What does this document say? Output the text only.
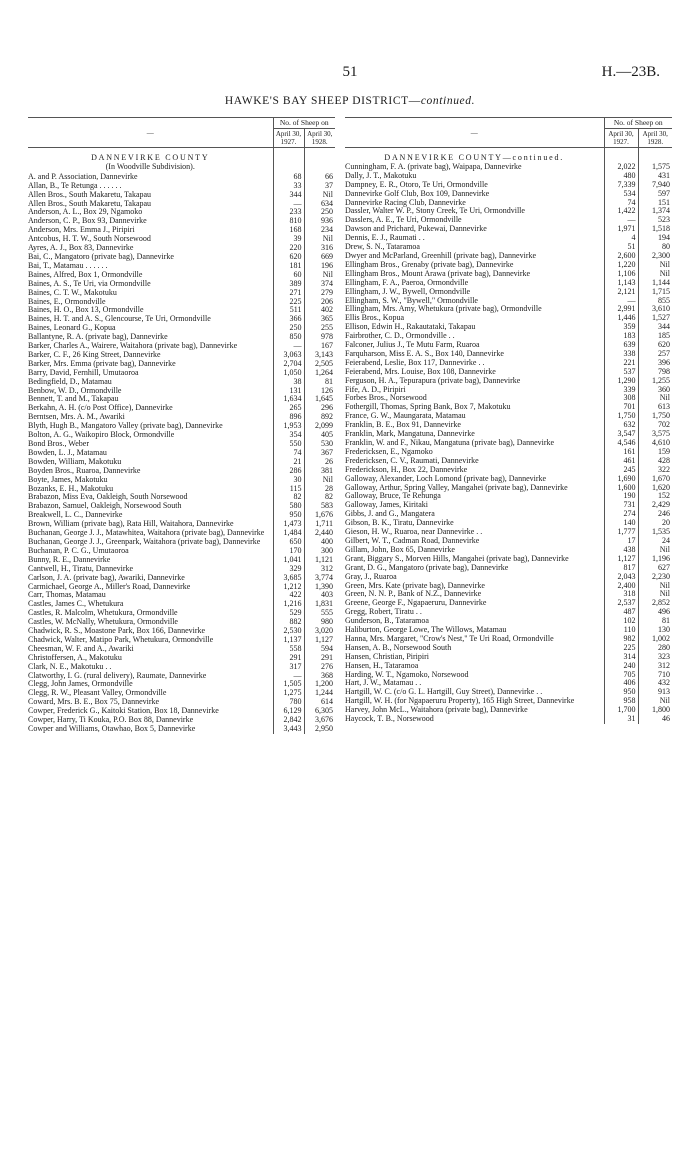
51	H.—23B.
HAWKE'S BAY SHEEP DISTRICT—continued.
—	No. of Sheep on	
	April 30, 1927.	April 30, 1928.
DANNEVIRKE COUNTY		
(In Woodville Subdivision).		
A. and P. Association, Dannevirke	68	66
Allan, B., Te Retunga . . . . . .	33	37
Allen Bros., South Makaretu, Takapau	344	Nil
Allen Bros., South Makaretu, Takapau	—	634
Anderson, A. L., Box 29, Ngamoko	233	250
Anderson, C. P., Box 93, Dannevirke	810	936
Anderson, Mrs. Emma J., Piripiri	168	234
Antcobus, H. T. W., South Norsewood	39	Nil
Ayres, A. J., Box 83, Dannevirke	220	316
Bai, C., Mangatoro (private bag), Dannevirke	620	669
Bai, T., Matamau . . . . . .	181	196
Baines, Alfred, Box 1, Ormondville	60	Nil
Baines, A. S., Te Uri, via Ormondville	389	374
Baines, C. T. W., Makotuku	271	279
Baines, E., Ormondville	225	206
Baines, H. O., Box 13, Ormondville	511	402
Baines, H. T. and A. S., Glencourse, Te Uri, Ormondville	366	365
Baines, Leonard G., Kopua	250	255
Ballantyne, R. A. (private bag), Dannevirke	850	978
Barker, Charles A., Wairere, Waitahora (private bag), Dannevirke	—	167
Barker, C. F., 26 King Street, Dannevirke	3,063	3,143
Barker, Mrs. Emma (private bag), Dannevirke	2,704	2,505
Barry, David, Fernhill, Umutaoroa	1,050	1,264
Bedingfield, D., Matamau	38	81
Benbow, W. D., Ormondville	131	126
Bennett, T. and M., Takapau	1,634	1,645
Berkahn, A. H. (c/o Post Office), Dannevirke	265	296
Berntsen, Mrs. A. M., Awariki	896	892
Blyth, Hugh B., Mangatoro Valley (private bag), Dannevirke	1,953	2,099
Bolton, A. G., Waikopiro Block, Ormondville	354	405
Bond Bros., Weber	550	530
Bowden, L. J., Matamau	74	367
Bowden, William, Makotuku	21	26
Boyden Bros., Ruaroa, Dannevirke	286	381
Boyte, James, Makotuku	30	Nil
Bozanks, E. H., Makotuku	115	28
Brabazon, Miss Eva, Oakleigh, South Norsewood	82	82
Brabazon, Samuel, Oakleigh, Norsewood South	580	583
Breakwell, L. C., Dannevirke	950	1,676
Brown, William (private bag), Rata Hill, Waitahora, Dannevirke	1,473	1,711
Buchanan, George J. J., Matawhitea, Waitahora (private bag), Dannevirke	1,484	2,440
Buchanan, George J. J., Greenpark, Waitahora (private bag), Dannevirke	650	400
Buchanan, P. C. G., Umutaoroa	170	300
Bunny, R. E., Dannevirke	1,041	1,121
Cantwell, H., Tiratu, Dannevirke	329	312
Carlson, J. A. (private bag), Awariki, Dannevirke	3,685	3,774
Carmichael, George A., Miller's Road, Dannevirke	1,212	1,390
Carr, Thomas, Matamau	422	403
Castles, James C., Whetukura	1,216	1,831
Castles, R. Malcolm, Whetukura, Ormondville	529	555
Castles, W. McNally, Whetukura, Ormondville	882	980
Chadwick, R. S., Moastone Park, Box 166, Dannevirke	2,530	3,020
Chadwick, Walter, Matipo Park, Whetukura, Ormondville	1,137	1,127
Cheesman, W. F. and A., Awariki	558	594
Christoffersen, A., Makotuku	291	291
Clark, N. E., Makotuku . .	317	276
Clatworthy, I. G. (rural delivery), Raumate, Dannevirke	—	368
Clegg, John James, Ormondville	1,505	1,200
Clegg, R. W., Pleasant Valley, Ormondville	1,275	1,244
Coward, Mrs. B. E., Box 75, Dannevirke	780	614
Cowper, Frederick G., Kaitoki Station, Box 18, Dannevirke	6,129	6,305
Cowper, Harry, Ti Kouka, P.O. Box 88, Dannevirke	2,842	3,676
Cowper and Williams, Otawhao, Box 5, Dannevirke	3,443	2,950
—	No. of Sheep on	
	April 30, 1927.	April 30, 1928.
DANNEVIRKE COUNTY—continued.		
Cunningham, F. A. (private bag), Waipapa, Dannevirke	2,022	1,575
Dally, J. T., Makotuku	480	431
Dampney, E. R., Otoro, Te Uri, Ormondville	7,339	7,940
Dannevirke Golf Club, Box 109, Dannevirke	534	597
Dannevirke Racing Club, Dannevirke	74	151
Dassler, Walter W. P., Stony Creek, Te Uri, Ormondville	1,422	1,374
Dasslers, A. E., Te Uri, Ormondville	—	523
Dawson and Prichard, Pukewai, Dannevirke	1,971	1,518
Dennis, E. J., Raumati . .	4	194
Drew, S. N., Tataramoa	51	80
Dwyer and McParland, Greenhill (private bag), Dannevirke	2,600	2,300
Ellingham Bros., Grenaby (private bag), Dannevirke	1,220	Nil
Ellingham Bros., Mount Arawa (private bag), Dannevirke	1,106	Nil
Ellingham, F. A., Paeroa, Ormondville	1,143	1,144
Ellingham, J. W., Bywell, Ormondville	2,121	1,715
Ellingham, S. W., "Bywell," Ormondville	—	855
Ellingham, Mrs. Amy, Whetukura (private bag), Ormondville	2,991	3,610
Ellis Bros., Kopua	1,446	1,527
Ellison, Edwin H., Rakautataki, Takapau	359	344
Fairbrother, C. D., Ormondville . .	183	185
Falconer, Julius J., Te Mutu Farm, Ruaroa	639	620
Farquharson, Miss E. A. S., Box 140, Dannevirke	338	257
Feierabend, Leslie, Box 117, Dannevirke . .	221	396
Feierabend, Mrs. Louise, Box 108, Dannevirke	537	798
Ferguson, H. A., Tepurapura (private bag), Dannevirke	1,290	1,255
Fife, A. D., Piripiri	339	360
Forbes Bros., Norsewood	308	Nil
Fothergill, Thomas, Spring Bank, Box 7, Makotuku	701	613
France, G. W., Maungarata, Matamau	1,750	1,750
Franklin, B. E., Box 91, Dannevirke	632	702
Franklin, Mark, Mangatuna, Dannevirke	3,547	3,575
Franklin, W. and F., Nikau, Mangatuna (private bag), Dannevirke	4,546	4,610
Fredericksen, E., Ngamoko	161	159
Fredericksen, C. V., Raumati, Dannevirke	461	428
Frederickson, H., Box 22, Dannevirke	245	322
Galloway, Alexander, Loch Lomond (private bag), Dannevirke	1,690	1,670
Galloway, Arthur, Spring Valley, Mangahei (private bag), Dannevirke	1,600	1,620
Galloway, Bruce, Te Rehunga	190	152
Galloway, James, Kiritaki	731	2,429
Gibbs, J. and G., Mangatera	274	246
Gibson, B. K., Tiratu, Dannevirke	140	20
Gieson, H. W., Ruaroa, near Dannevirke . .	1,777	1,535
Gilbert, W. T., Cadman Road, Dannevirke	17	24
Gillam, John, Box 65, Dannevirke	438	Nil
Grant, Biggary S., Morven Hills, Mangahei (private bag), Dannevirke	1,127	1,196
Grant, D. G., Mangatoro (private bag), Dannevirke	817	627
Gray, J., Ruaroa	2,043	2,230
Green, Mrs. Kate (private bag), Dannevirke	2,400	Nil
Green, N. N. P., Bank of N.Z., Dannevirke	318	Nil
Greene, George F., Ngapaeruru, Dannevirke	2,537	2,852
Gregg, Robert, Tiratu . .	487	496
Gunderson, B., Tataramoa	102	81
Haliburton, George Lowe, The Willows, Matamau	110	130
Hanna, Mrs. Margaret, "Crow's Nest," Te Uri Road, Ormondville	982	1,002
Hansen, A. B., Norsewood South	225	280
Hansen, Christian, Piripiri	314	323
Hansen, H., Tataramoa	240	312
Harding, W. T., Ngamoko, Norsewood	705	710
Hart, J. W., Matamau . .	406	432
Hartgill, W. C. (c/o G. L. Hartgill, Guy Street), Dannevirke . .	950	913
Hartgill, W. H. (for Ngapaeruru Property), 165 High Street, Dannevirke	958	Nil
Harvey, John McL., Waitahora (private bag), Dannevirke	1,700	1,800
Haycock, T. B., Norsewood	31	46
